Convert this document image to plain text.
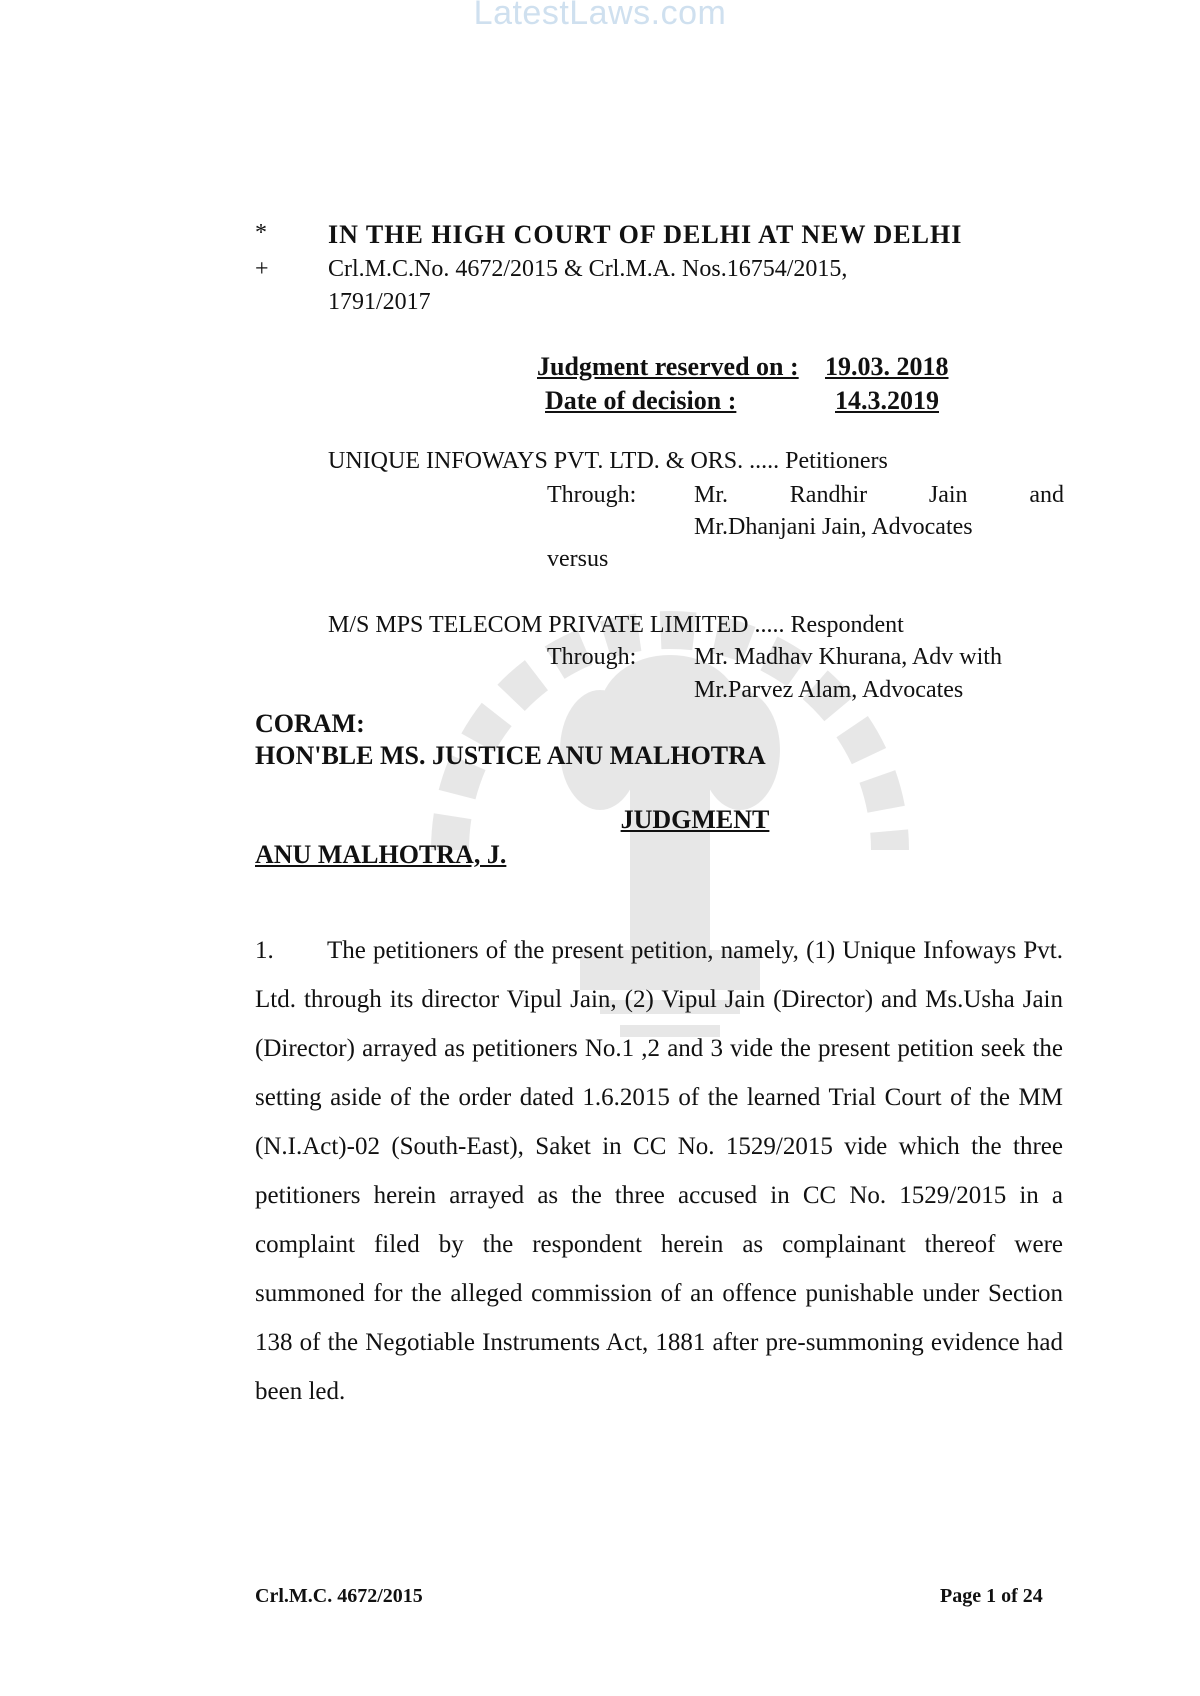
LatestLaws.com
* IN THE HIGH COURT OF DELHI AT NEW DELHI
+ Crl.M.C.No. 4672/2015 & Crl.M.A. Nos.16754/2015,
1791/2017
Judgment reserved on :	19.03. 2018
Date of decision :	14.3.2019
UNIQUE INFOWAYS PVT. LTD. & ORS. ..... Petitioners
Through: Mr.	Randhir	Jain	and
Mr.Dhanjani Jain, Advocates
versus
M/S MPS TELECOM PRIVATE LIMITED ..... Respondent
Through: Mr. Madhav Khurana, Adv with
Mr.Parvez Alam, Advocates
CORAM:
HON'BLE MS. JUSTICE ANU MALHOTRA
JUDGMENT
ANU MALHOTRA, J.
1. The petitioners of the present petition, namely, (1) Unique Infoways Pvt. Ltd. through its director Vipul Jain, (2) Vipul Jain (Director) and Ms.Usha Jain (Director) arrayed as petitioners No.1 ,2 and 3 vide the present petition seek the setting aside of the order dated 1.6.2015 of the learned Trial Court of the MM (N.I.Act)-02 (South-East), Saket in CC No. 1529/2015 vide which the three petitioners herein arrayed as the three accused in CC No. 1529/2015 in a complaint filed by the respondent herein as complainant thereof were summoned for the alleged commission of an offence punishable under Section 138 of the Negotiable Instruments Act, 1881 after pre-summoning evidence had been led.
Crl.M.C. 4672/2015	Page 1 of 24
